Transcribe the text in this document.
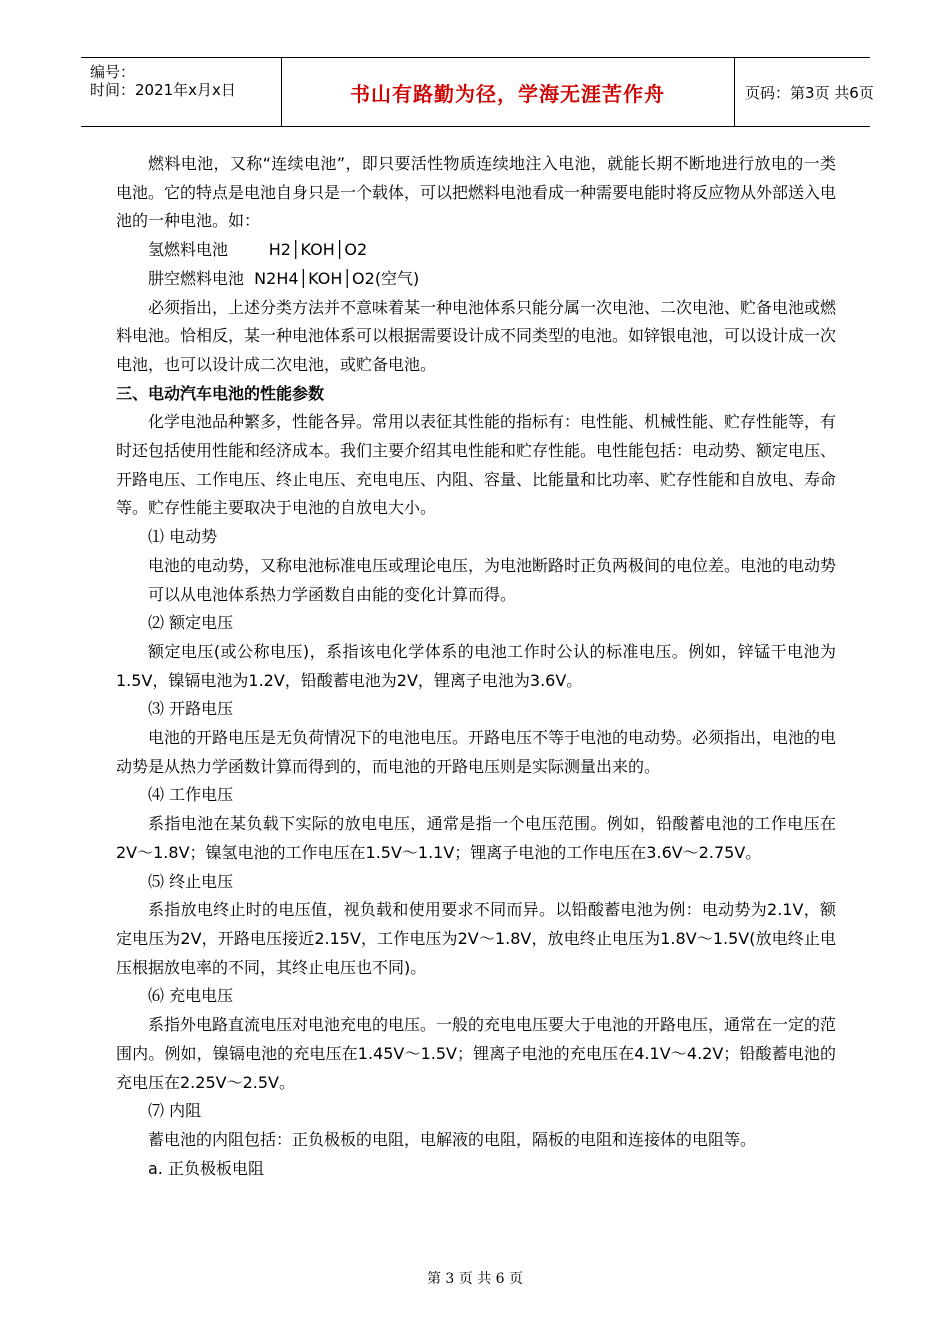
编号：
时间：2021年x月x日	书山有路勤为径，学海无涯苦作舟	页码：第3页 共6页

燃料电池，又称“连续电池”，即只要活性物质连续地注入电池，就能长期不断地进行放电的一类电池。它的特点是电池自身只是一个载体，可以把燃料电池看成一种需要电能时将反应物从外部送入电池的一种电池。如：

氢燃料电池        H2│KOH│O2

肼空燃料电池  N2H4│KOH│O2(空气)

必须指出，上述分类方法并不意味着某一种电池体系只能分属一次电池、二次电池、贮备电池或燃料电池。恰相反，某一种电池体系可以根据需要设计成不同类型的电池。如锌银电池，可以设计成一次电池，也可以设计成二次电池，或贮备电池。

三、电动汽车电池的性能参数

化学电池品种繁多，性能各异。常用以表征其性能的指标有：电性能、机械性能、贮存性能等，有时还包括使用性能和经济成本。我们主要介绍其电性能和贮存性能。电性能包括：电动势、额定电压、开路电压、工作电压、终止电压、充电电压、内阻、容量、比能量和比功率、贮存性能和自放电、寿命等。贮存性能主要取决于电池的自放电大小。

⑴ 电动势

电池的电动势，又称电池标准电压或理论电压，为电池断路时正负两极间的电位差。电池的电动势

可以从电池体系热力学函数自由能的变化计算而得。

⑵ 额定电压

额定电压(或公称电压)，系指该电化学体系的电池工作时公认的标准电压。例如，锌锰干电池为1.5V，镍镉电池为1.2V，铅酸蓄电池为2V，锂离子电池为3.6V。

⑶ 开路电压

电池的开路电压是无负荷情况下的电池电压。开路电压不等于电池的电动势。必须指出，电池的电动势是从热力学函数计算而得到的，而电池的开路电压则是实际测量出来的。

⑷ 工作电压

系指电池在某负载下实际的放电电压，通常是指一个电压范围。例如，铅酸蓄电池的工作电压在2V～1.8V；镍氢电池的工作电压在1.5V～1.1V；锂离子电池的工作电压在3.6V～2.75V。

⑸ 终止电压

系指放电终止时的电压值，视负载和使用要求不同而异。以铅酸蓄电池为例：电动势为2.1V，额定电压为2V，开路电压接近2.15V，工作电压为2V～1.8V，放电终止电压为1.8V～1.5V(放电终止电压根据放电率的不同，其终止电压也不同)。

⑹ 充电电压

系指外电路直流电压对电池充电的电压。一般的充电电压要大于电池的开路电压，通常在一定的范围内。例如，镍镉电池的充电压在1.45V～1.5V；锂离子电池的充电压在4.1V～4.2V；铅酸蓄电池的充电压在2.25V～2.5V。

⑺ 内阻

蓄电池的内阻包括：正负极板的电阻，电解液的电阻，隔板的电阻和连接体的电阻等。

a. 正负极板电阻

第 3 页 共 6 页
